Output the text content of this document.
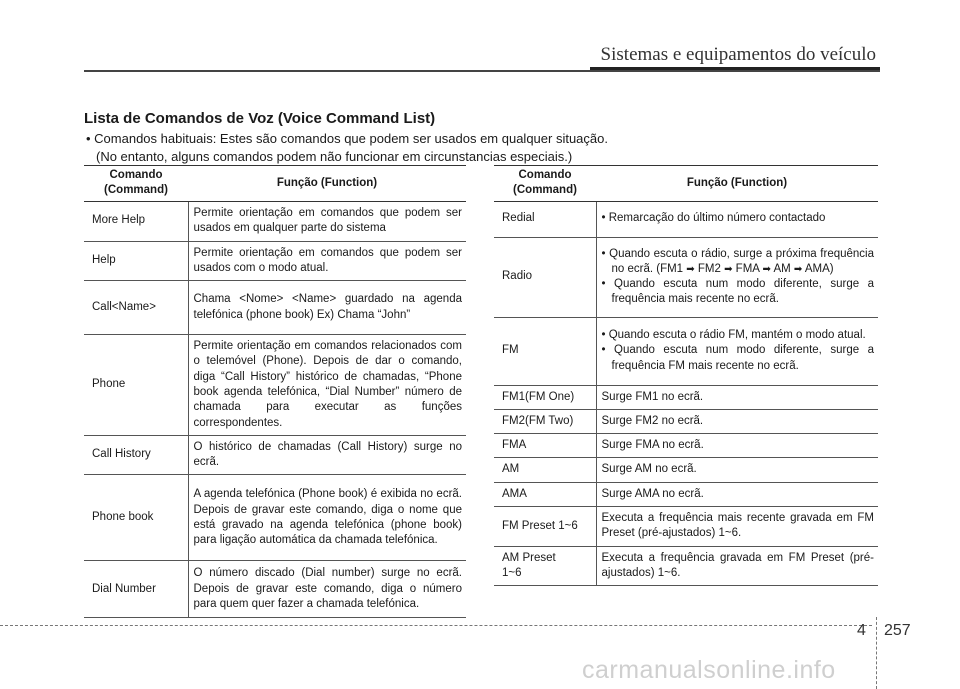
Sistemas e equipamentos do veículo
Lista de Comandos de Voz (Voice Command List)
• Comandos habituais: Estes são comandos que podem ser usados em qualquer situação.
(No entanto, alguns comandos podem não funcionar em circunstancias especiais.)
Comando
(Command)	Função (Function)
More Help	Permite orientação em comandos que podem ser usados em qualquer parte do sistema
Help	Permite orientação em comandos que podem ser usados com o modo atual.
Call<Name>	Chama <Nome> <Name> guardado na agenda telefónica (phone book) Ex) Chama “John”
Phone	Permite orientação em comandos relacionados com o telemóvel (Phone). Depois de dar o comando, diga “Call History” histórico de chamadas, “Phone book agenda telefónica, “Dial Number” número de chamada para executar as funções correspondentes.
Call History	O histórico de chamadas (Call History) surge no ecrã.
Phone book	A agenda telefónica (Phone book) é exibida no ecrã. Depois de gravar este comando, diga o nome que está gravado na agenda telefónica (phone book) para ligação automática da chamada telefónica.
Dial Number	O número discado (Dial number) surge no ecrã. Depois de gravar este comando, diga o número para quem quer fazer a chamada telefónica.
Comando
(Command)	Função (Function)
Redial	• Remarcação do último número contactado
Radio	• Quando escuta o rádio, surge a próxima frequência no ecrã. (FM1 ➡ FM2 ➡ FMA ➡ AM ➡ AMA)
• Quando escuta num modo diferente, surge a frequência mais recente no ecrã.

FM	• Quando escuta o rádio FM, mantém o modo atual.
• Quando escuta num modo diferente, surge a frequência FM mais recente no ecrã.

FM1(FM One)	Surge FM1 no ecrã.
FM2(FM Two)	Surge FM2 no ecrã.
FMA	Surge FMA no ecrã.
AM	Surge AM no ecrã.
AMA	Surge AMA no ecrã.
FM Preset 1~6	Executa a frequência mais recente gravada em FM Preset (pré-ajustados) 1~6.
AM Preset
1~6	Executa a frequência gravada em FM Preset (pré-ajustados) 1~6.
4 257
carmanualsonline.info
